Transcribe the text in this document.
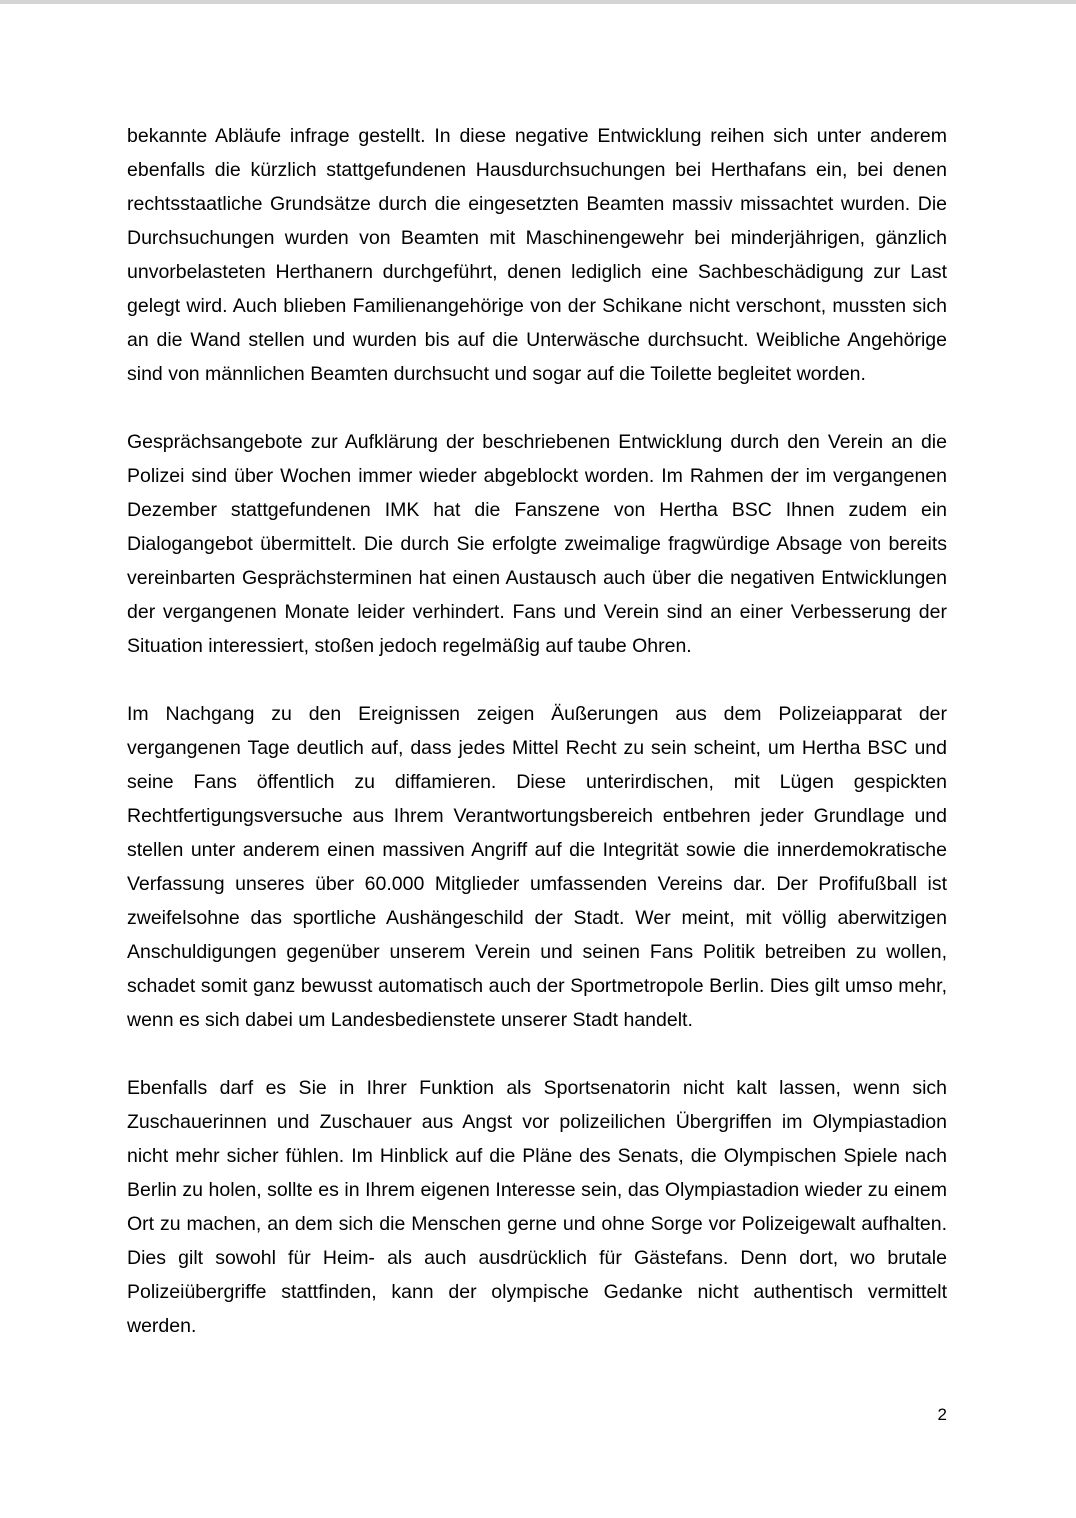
bekannte Abläufe infrage gestellt. In diese negative Entwicklung reihen sich unter anderem
ebenfalls die kürzlich stattgefundenen Hausdurchsuchungen bei Herthafans ein, bei denen
rechtsstaatliche Grundsätze durch die eingesetzten Beamten massiv missachtet wurden. Die
Durchsuchungen wurden von Beamten mit Maschinengewehr bei minderjährigen, gänzlich
unvorbelasteten Herthanern durchgeführt, denen lediglich eine Sachbeschädigung zur Last
gelegt wird. Auch blieben Familienangehörige von der Schikane nicht verschont, mussten sich
an die Wand stellen und wurden bis auf die Unterwäsche durchsucht. Weibliche Angehörige
sind von männlichen Beamten durchsucht und sogar auf die Toilette begleitet worden.
Gesprächsangebote zur Aufklärung der beschriebenen Entwicklung durch den Verein an die
Polizei sind über Wochen immer wieder abgeblockt worden. Im Rahmen der im vergangenen
Dezember stattgefundenen IMK hat die Fanszene von Hertha BSC Ihnen zudem ein
Dialogangebot übermittelt. Die durch Sie erfolgte zweimalige fragwürdige Absage von bereits
vereinbarten Gesprächsterminen hat einen Austausch auch über die negativen Entwicklungen
der vergangenen Monate leider verhindert. Fans und Verein sind an einer Verbesserung der
Situation interessiert, stoßen jedoch regelmäßig auf taube Ohren.
Im Nachgang zu den Ereignissen zeigen Äußerungen aus dem Polizeiapparat der
vergangenen Tage deutlich auf, dass jedes Mittel Recht zu sein scheint, um Hertha BSC und
seine Fans öffentlich zu diffamieren. Diese unterirdischen, mit Lügen gespickten
Rechtfertigungsversuche aus Ihrem Verantwortungsbereich entbehren jeder Grundlage und
stellen unter anderem einen massiven Angriff auf die Integrität sowie die innerdemokratische
Verfassung unseres über 60.000 Mitglieder umfassenden Vereins dar. Der Profifußball ist
zweifelsohne das sportliche Aushängeschild der Stadt. Wer meint, mit völlig aberwitzigen
Anschuldigungen gegenüber unserem Verein und seinen Fans Politik betreiben zu wollen,
schadet somit ganz bewusst automatisch auch der Sportmetropole Berlin. Dies gilt umso mehr,
wenn es sich dabei um Landesbedienstete unserer Stadt handelt.
Ebenfalls darf es Sie in Ihrer Funktion als Sportsenatorin nicht kalt lassen, wenn sich
Zuschauerinnen und Zuschauer aus Angst vor polizeilichen Übergriffen im Olympiastadion
nicht mehr sicher fühlen. Im Hinblick auf die Pläne des Senats, die Olympischen Spiele nach
Berlin zu holen, sollte es in Ihrem eigenen Interesse sein, das Olympiastadion wieder zu einem
Ort zu machen, an dem sich die Menschen gerne und ohne Sorge vor Polizeigewalt aufhalten.
Dies gilt sowohl für Heim- als auch ausdrücklich für Gästefans. Denn dort, wo brutale
Polizeiübergriffe stattfinden, kann der olympische Gedanke nicht authentisch vermittelt
werden.
2
